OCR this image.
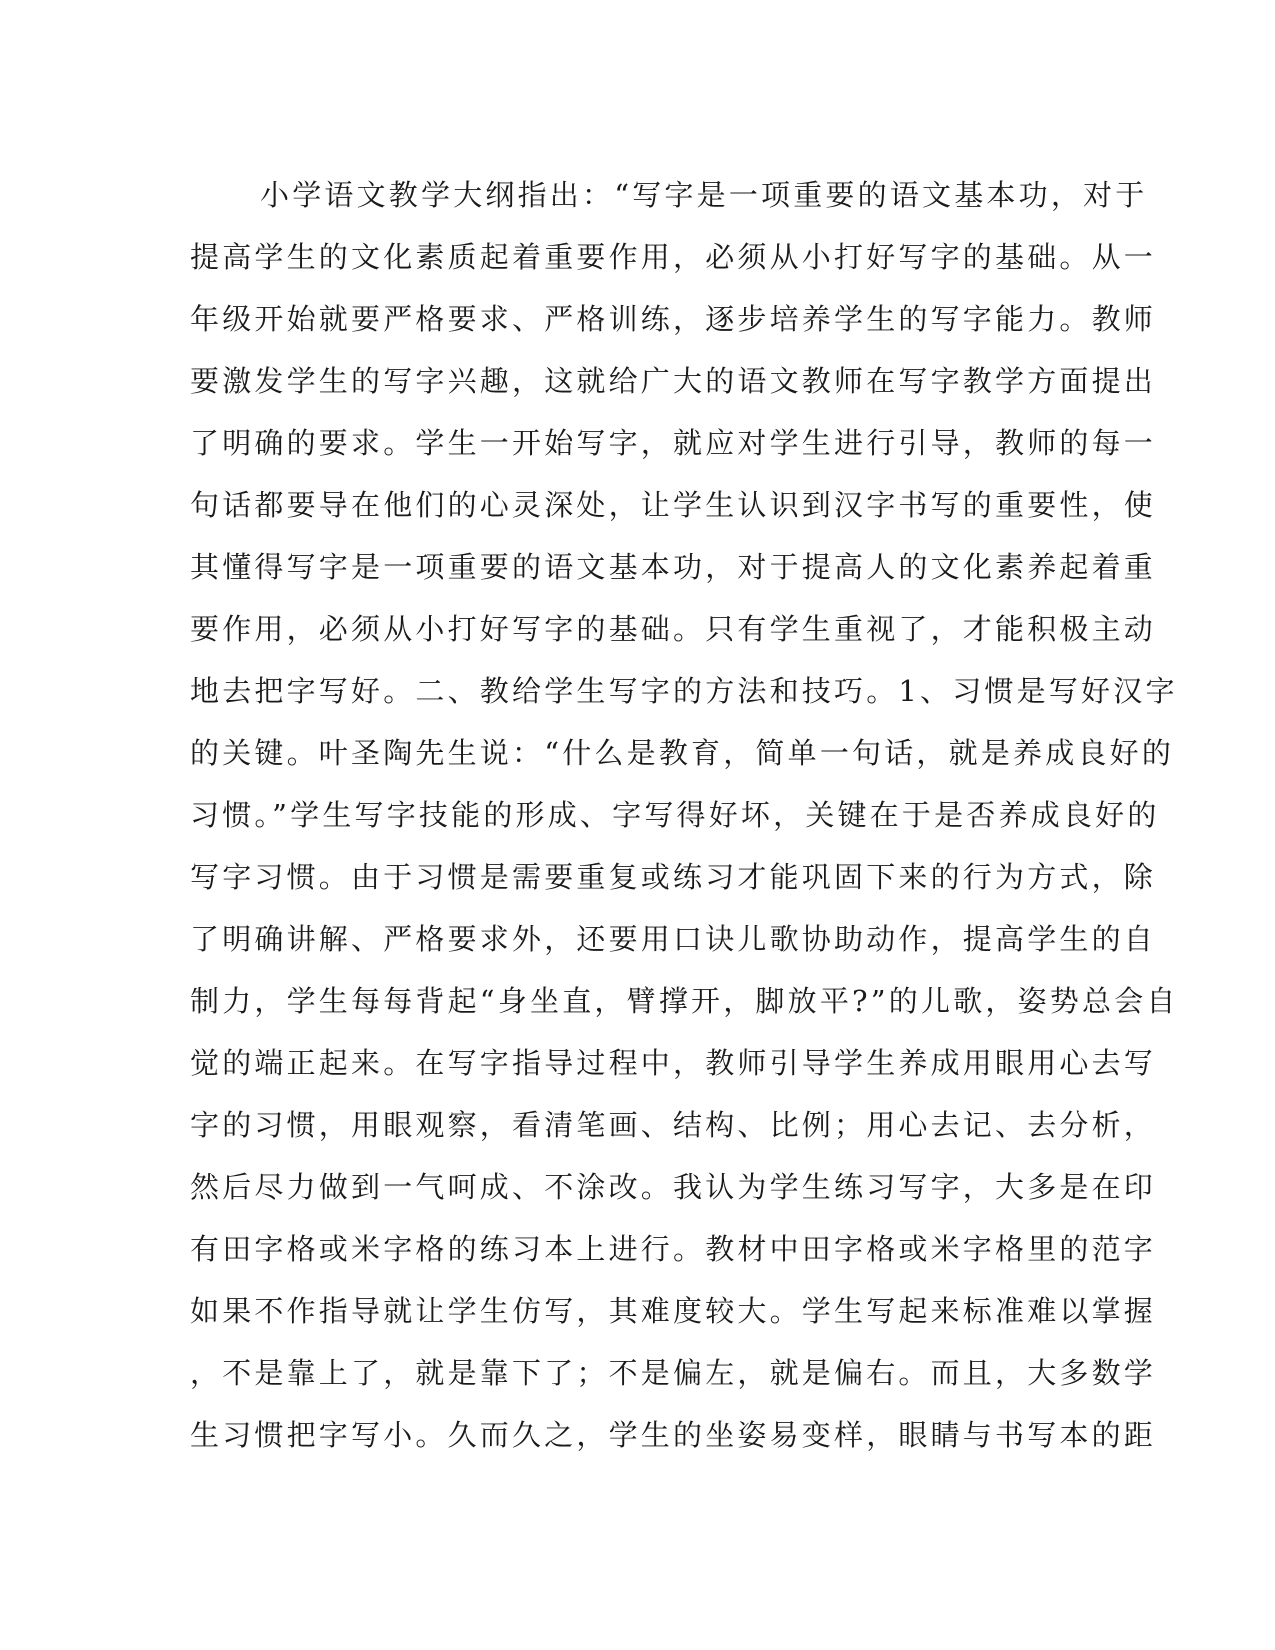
小学语文教学大纲指出：“写字是一项重要的语文基本功，对于
提高学生的文化素质起着重要作用，必须从小打好写字的基础。从一
年级开始就要严格要求、严格训练，逐步培养学生的写字能力。教师
要激发学生的写字兴趣，这就给广大的语文教师在写字教学方面提出
了明确的要求。学生一开始写字，就应对学生进行引导，教师的每一
句话都要导在他们的心灵深处，让学生认识到汉字书写的重要性，使
其懂得写字是一项重要的语文基本功，对于提高人的文化素养起着重
要作用，必须从小打好写字的基础。只有学生重视了，才能积极主动
地去把字写好。二、教给学生写字的方法和技巧。1、习惯是写好汉字
的关键。叶圣陶先生说：“什么是教育，简单一句话，就是养成良好的
习惯。”学生写字技能的形成、字写得好坏，关键在于是否养成良好的
写字习惯。由于习惯是需要重复或练习才能巩固下来的行为方式，除
了明确讲解、严格要求外，还要用口诀儿歌协助动作，提高学生的自
制力，学生每每背起“身坐直，臂撑开，脚放平?”的儿歌，姿势总会自
觉的端正起来。在写字指导过程中，教师引导学生养成用眼用心去写
字的习惯，用眼观察，看清笔画、结构、比例；用心去记、去分析，
然后尽力做到一气呵成、不涂改。我认为学生练习写字，大多是在印
有田字格或米字格的练习本上进行。教材中田字格或米字格里的范字
如果不作指导就让学生仿写，其难度较大。学生写起来标准难以掌握
，不是靠上了，就是靠下了；不是偏左，就是偏右。而且，大多数学
生习惯把字写小。久而久之，学生的坐姿易变样，眼睛与书写本的距
